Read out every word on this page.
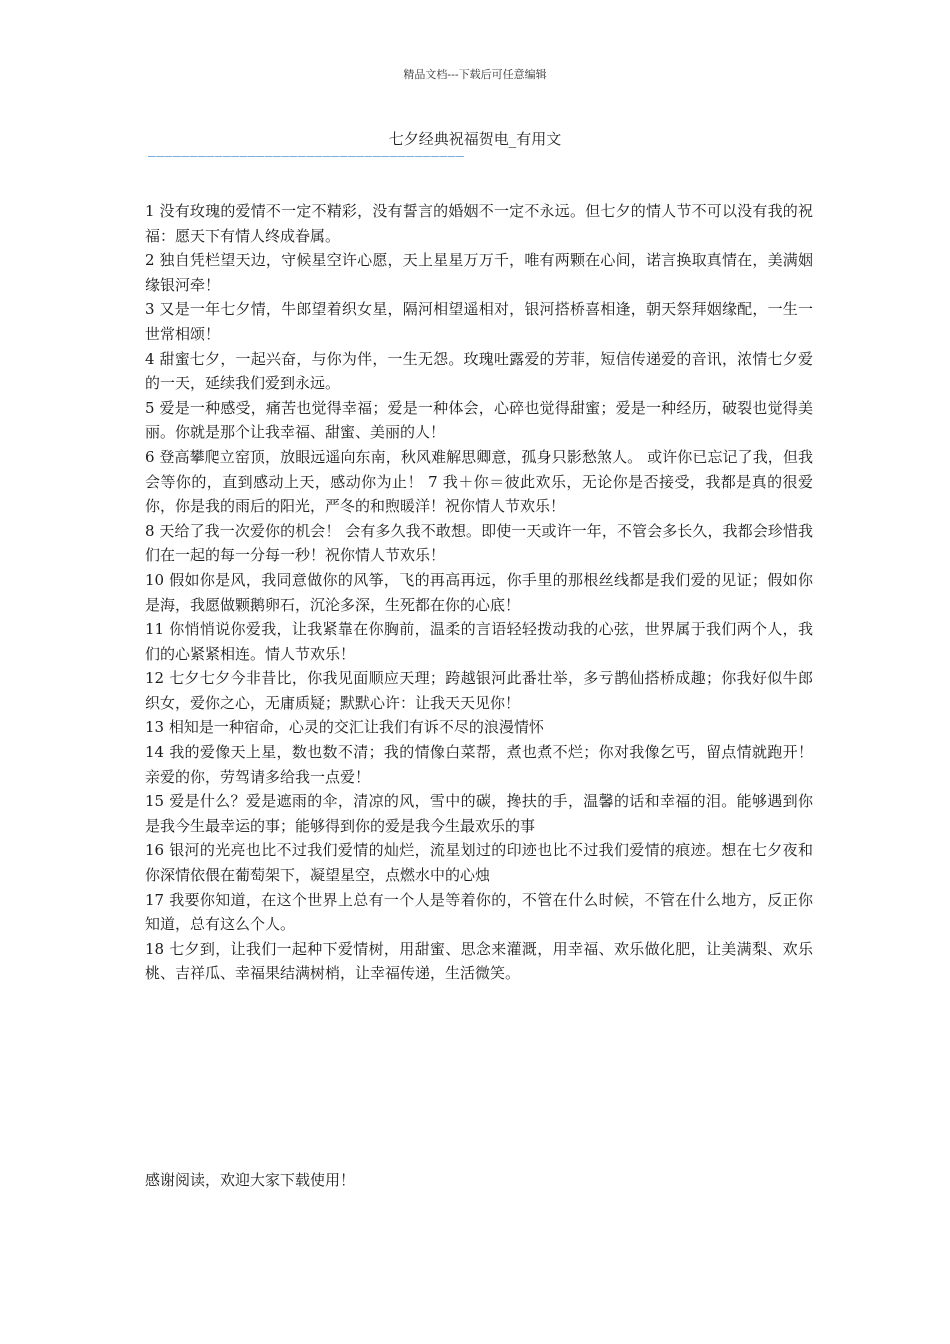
精品文档---下载后可任意编辑
七夕经典祝福贺电_有用文
——————————————————————————————————————

1 没有玫瑰的爱情不一定不精彩，没有誓言的婚姻不一定不永远。但七夕的情人节不可以没有我的祝福：愿天下有情人终成眷属。

2 独自凭栏望天边，守候星空许心愿，天上星星万万千，唯有两颗在心间，诺言换取真情在，美满姻缘银河牵！

3 又是一年七夕情，牛郎望着织女星，隔河相望遥相对，银河搭桥喜相逢，朝天祭拜姻缘配，一生一世常相颂！

4 甜蜜七夕，一起兴奋，与你为伴，一生无怨。玫瑰吐露爱的芳菲，短信传递爱的音讯，浓情七夕爱的一天，延续我们爱到永远。

5 爱是一种感受，痛苦也觉得幸福；爱是一种体会，心碎也觉得甜蜜；爱是一种经历，破裂也觉得美丽。你就是那个让我幸福、甜蜜、美丽的人！

6 登高攀爬立窑顶，放眼远遥向东南，秋风难解思卿意，孤身只影愁煞人。 或许你已忘记了我，但我会等你的，直到感动上天，感动你为止！ 7 我＋你＝彼此欢乐，无论你是否接受，我都是真的很爱你，你是我的雨后的阳光，严冬的和煦暖洋！祝你情人节欢乐！

8 天给了我一次爱你的机会！ 会有多久我不敢想。即使一天或许一年，不管会多长久，我都会珍惜我们在一起的每一分每一秒！祝你情人节欢乐！

10 假如你是风，我同意做你的风筝，飞的再高再远，你手里的那根丝线都是我们爱的见证；假如你是海，我愿做颗鹅卵石，沉沦多深，生死都在你的心底！

11 你悄悄说你爱我，让我紧靠在你胸前，温柔的言语轻轻拨动我的心弦，世界属于我们两个人，我们的心紧紧相连。情人节欢乐！

12 七夕七夕今非昔比，你我见面顺应天理；跨越银河此番壮举，多亏鹊仙搭桥成趣；你我好似牛郎织女，爱你之心，无庸质疑；默默心许：让我天天见你！

13 相知是一种宿命，心灵的交汇让我们有诉不尽的浪漫情怀

14 我的爱像天上星，数也数不清；我的情像白菜帮，煮也煮不烂；你对我像乞丐，留点情就跑开！亲爱的你，劳驾请多给我一点爱！

15 爱是什么？爱是遮雨的伞，清凉的风，雪中的碳，搀扶的手，温馨的话和幸福的泪。能够遇到你是我今生最幸运的事；能够得到你的爱是我今生最欢乐的事

16 银河的光亮也比不过我们爱情的灿烂，流星划过的印迹也比不过我们爱情的痕迹。想在七夕夜和你深情依偎在葡萄架下，凝望星空，点燃水中的心烛

17 我要你知道，在这个世界上总有一个人是等着你的，不管在什么时候，不管在什么地方，反正你知道，总有这么个人。

18 七夕到，让我们一起种下爱情树，用甜蜜、思念来灌溉，用幸福、欢乐做化肥，让美满梨、欢乐桃、吉祥瓜、幸福果结满树梢，让幸福传递，生活微笑。

感谢阅读，欢迎大家下载使用！
